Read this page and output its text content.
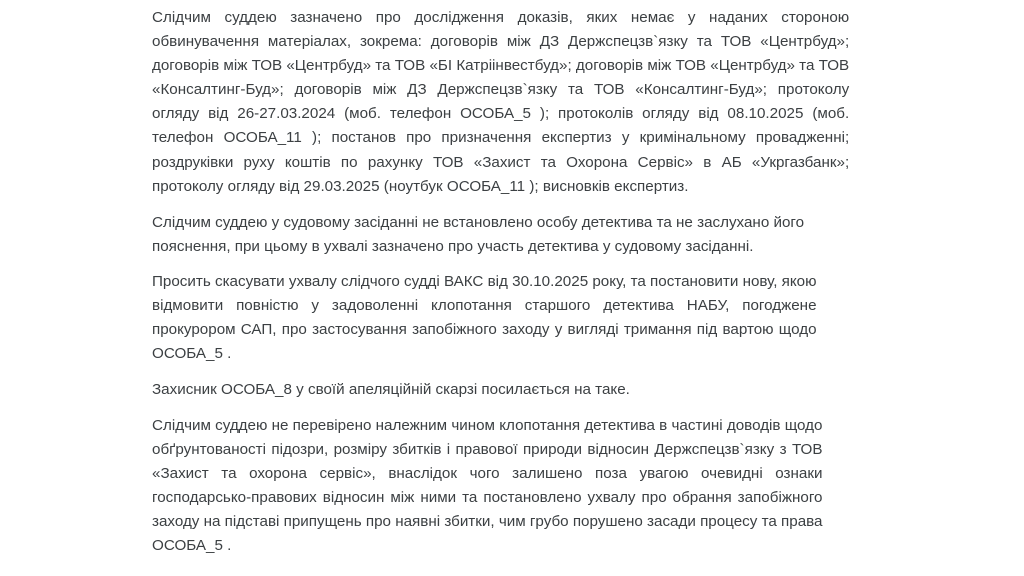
Слідчим суддею зазначено про дослідження доказів, яких немає у наданих стороною
обвинувачення матеріалах, зокрема: договорів між ДЗ Держспецзв`язку та ТОВ «Центрбуд»;
договорів між ТОВ «Центрбуд» та ТОВ «БІ Катріінвестбуд»; договорів між ТОВ «Центрбуд» та ТОВ
«Консалтинг-Буд»; договорів між ДЗ Держспецзв`язку та ТОВ «Консалтинг-Буд»; протоколу
огляду від 26-27.03.2024 (моб. телефон ОСОБА_5 ); протоколів огляду від 08.10.2025 (моб.
телефон ОСОБА_11 ); постанов про призначення експертиз у кримінальному провадженні;
роздруківки руху коштів по рахунку ТОВ «Захист та Охорона Сервіс» в АБ «Укргазбанк»;
протоколу огляду від 29.03.2025 (ноутбук ОСОБА_11 ); висновків експертиз.

Слідчим суддею у судовому засіданні не встановлено особу детектива та не заслухано його
пояснення, при цьому в ухвалі зазначено про участь детектива у судовому засіданні.

Просить скасувати ухвалу слідчого судді ВАКС від 30.10.2025 року, та постановити нову, якою
відмовити повністю у задоволенні клопотання старшого детектива НАБУ, погоджене
прокурором САП, про застосування запобіжного заходу у вигляді тримання під вартою щодо
ОСОБА_5 .

Захисник ОСОБА_8 у своїй апеляційній скарзі посилається на таке.

Слідчим суддею не перевірено належним чином клопотання детектива в частині доводів щодо
обґрунтованості підозри, розміру збитків і правової природи відносин Держспецзв`язку з ТОВ
«Захист та охорона сервіс», внаслідок чого залишено поза увагою очевидні ознаки
господарсько-правових відносин між ними та постановлено ухвалу про обрання запобіжного
заходу на підставі припущень про наявні збитки, чим грубо порушено засади процесу та права
ОСОБА_5 .
